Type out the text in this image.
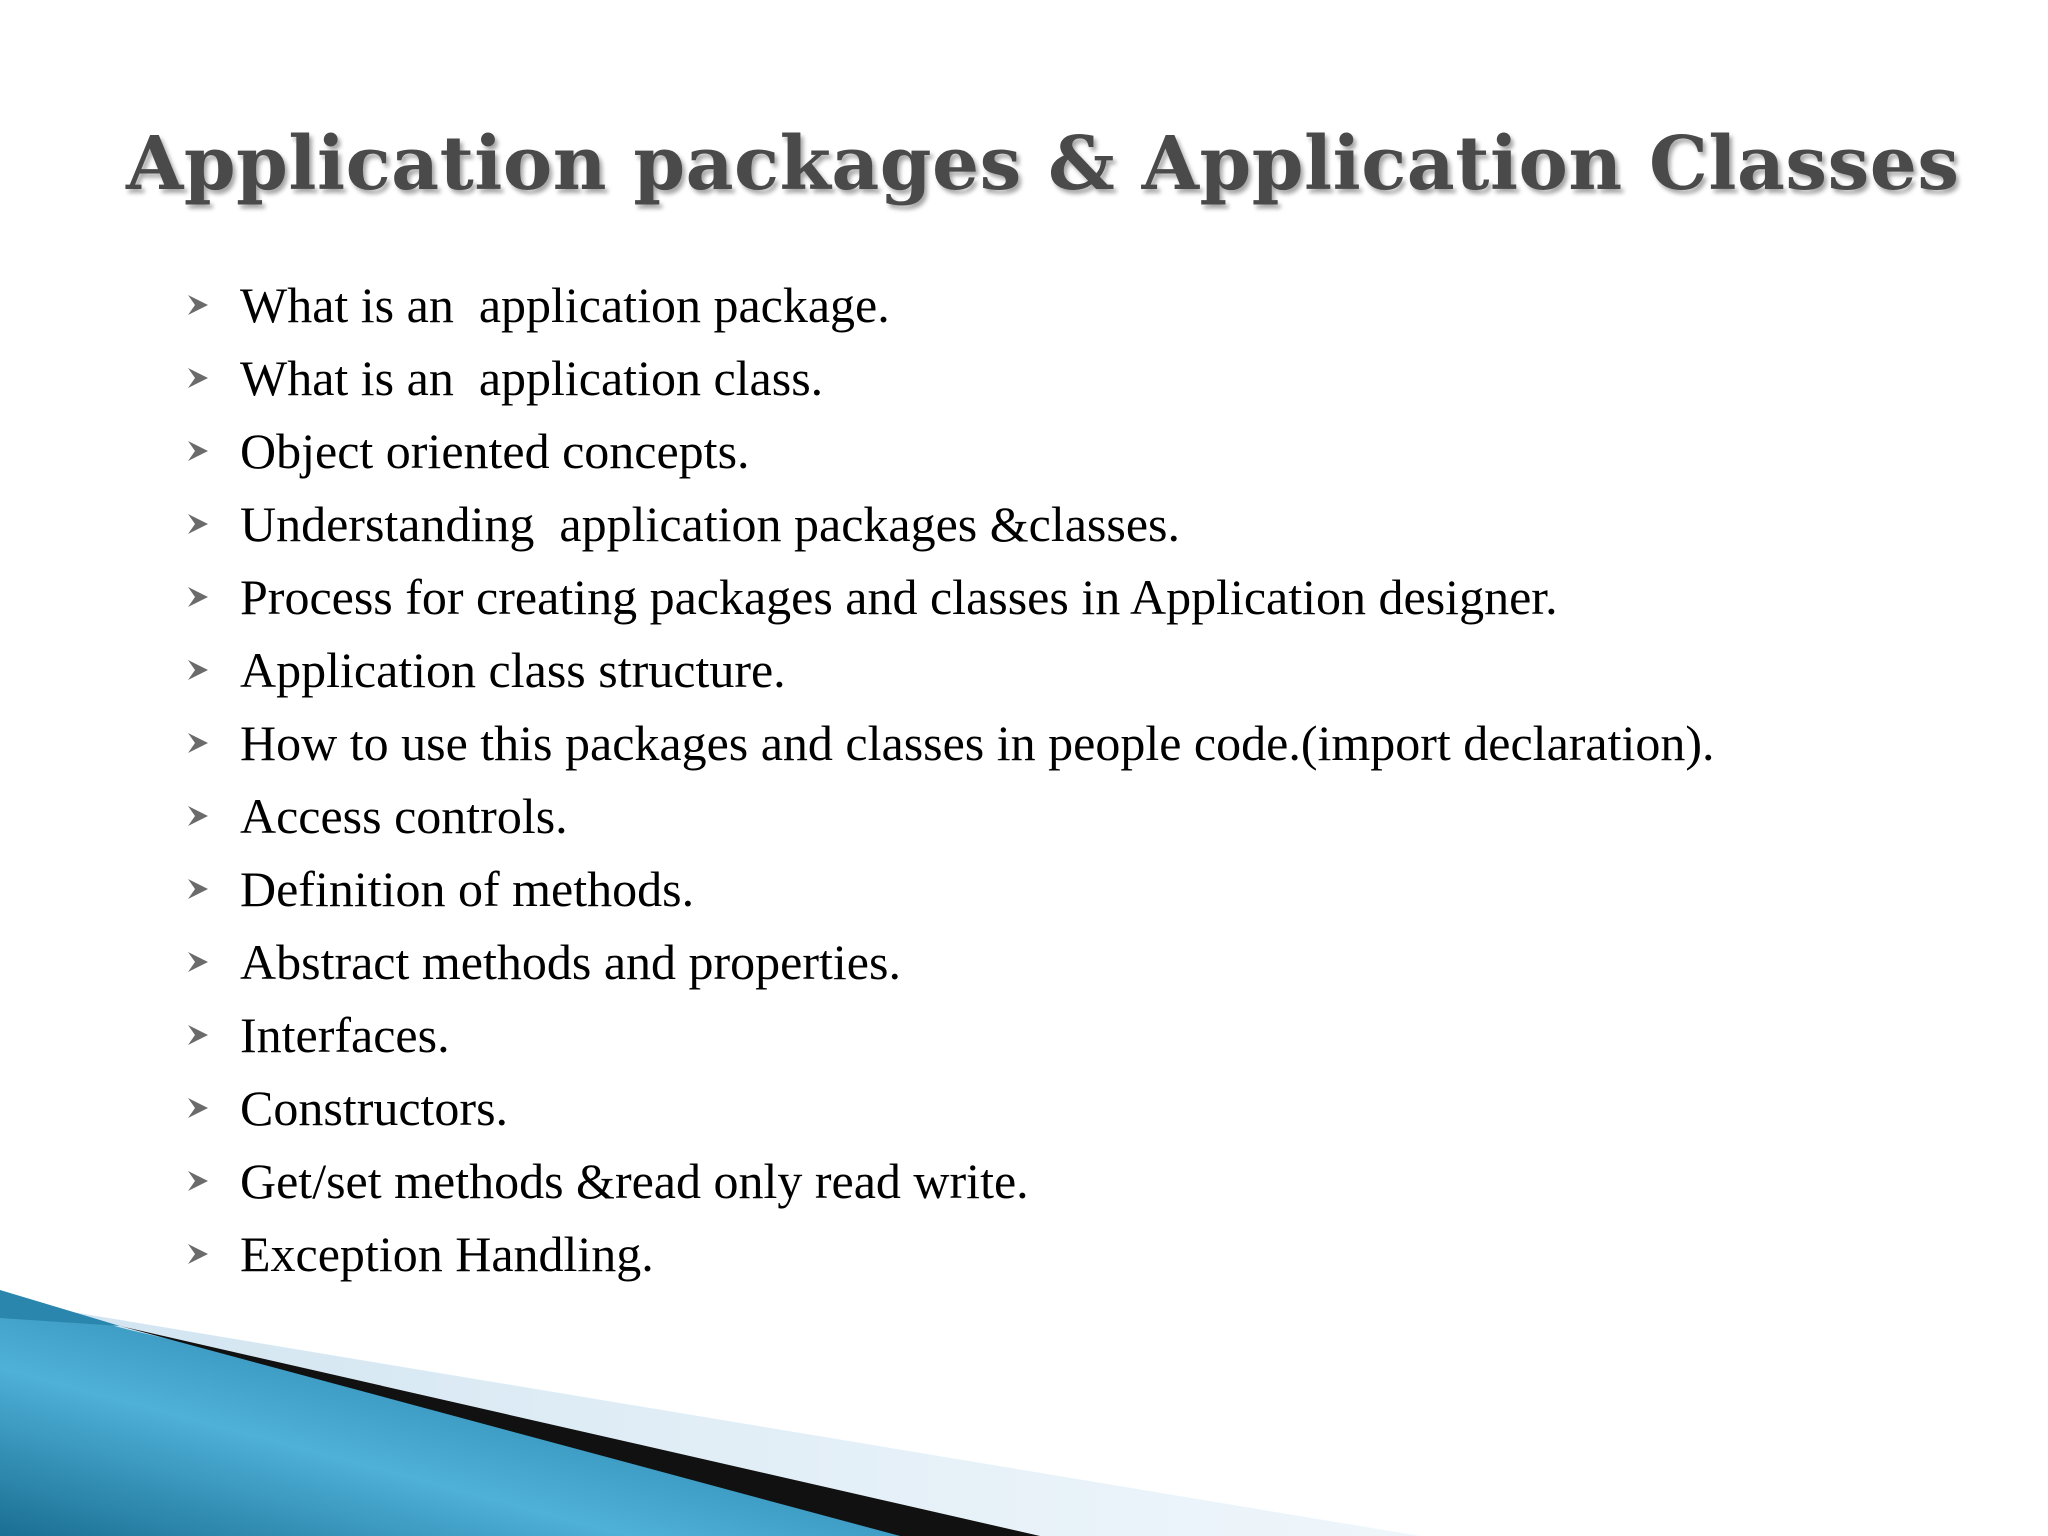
Application packages & Application Classes
What is an  application package.
What is an  application class.
Object oriented concepts.
Understanding  application packages &classes.
Process for creating packages and classes in Application designer.
Application class structure.
How to use this packages and classes in people code.(import declaration).
Access controls.
Definition of methods.
Abstract methods and properties.
Interfaces.
Constructors.
Get/set methods &read only read write.
Exception Handling.
